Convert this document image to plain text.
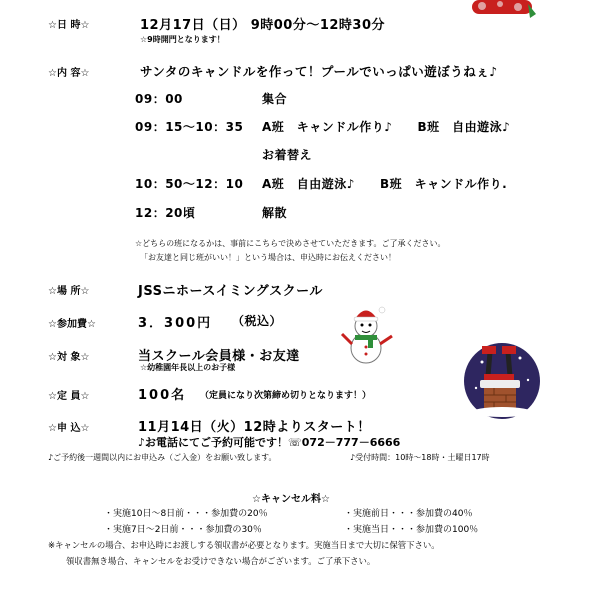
☆日 時☆	12月17日（日） 9時00分～12時30分
☆9時開門となります！
☆内 容☆	サンタのキャンドルを作って！プールでいっぱい遊ぼうねぇ♪
09：00	集合
09：15～10：35 A班　キャンドル作り♪　　B班　自由遊泳♪
お着替え
10：50～12：10 A班　自由遊泳♪　　B班　キャンドル作り.
12：20頃	解散
☆どちらの班になるかは、事前にこちらで決めさせていただきます。ご了承ください。
「お友達と同じ班がいい！」という場合は、申込時にお伝えください！
☆場 所☆	JSSニホースイミングスクール
☆参加費☆	3．300円 （税込）
☆対 象☆	当スクール会員様・お友達
☆幼稚園年長以上のお子様
☆定 員☆	100名 （定員になり次第締め切りとなります！）
☆申 込☆	11月14日（火）12時よりスタート！
♪お電話にてご予約可能です！☏072－777－6666
♪ご予約後一週間以内にお申込み（ご入金）をお願い致します。	♪受付時間：10時～18時・土曜日17時
☆キャンセル料☆
・実施10日～8日前・・・参加費の20％	・実施前日・・・参加費の40％
・実施7日～2日前・・・参加費の30％	・実施当日・・・参加費の100％
※キャンセルの場合、お申込時にお渡しする領収書が必要となります。実施当日まで大切に保管下さい。
領収書無き場合、キャンセルをお受けできない場合がございます。ご了承下さい。
